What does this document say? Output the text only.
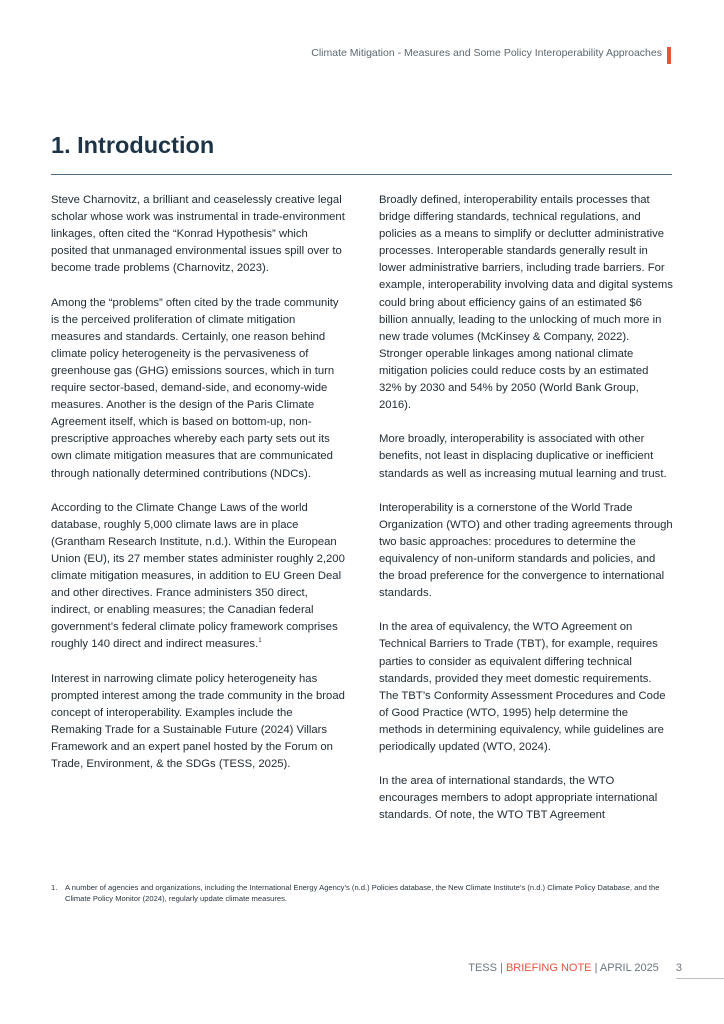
Climate Mitigation - Measures and Some Policy Interoperability Approaches
1. Introduction

Steve Charnovitz, a brilliant and ceaselessly creative legal scholar whose work was instrumental in trade-environment linkages, often cited the “Konrad Hypothesis” which posited that unmanaged environmental issues spill over to become trade problems (Charnovitz, 2023).

Among the “problems” often cited by the trade community is the perceived proliferation of climate mitigation measures and standards. Certainly, one reason behind climate policy heterogeneity is the pervasiveness of greenhouse gas (GHG) emissions sources, which in turn require sector-based, demand-side, and economy-wide measures. Another is the design of the Paris Climate Agreement itself, which is based on bottom-up, non-prescriptive approaches whereby each party sets out its own climate mitigation measures that are communicated through nationally determined contributions (NDCs).

According to the Climate Change Laws of the world database, roughly 5,000 climate laws are in place (Grantham Research Institute, n.d.). Within the European Union (EU), its 27 member states administer roughly 2,200 climate mitigation measures, in addition to EU Green Deal and other directives. France administers 350 direct, indirect, or enabling measures; the Canadian federal government’s federal climate policy framework comprises roughly 140 direct and indirect measures.$^1$

Interest in narrowing climate policy heterogeneity has prompted interest among the trade community in the broad concept of interoperability. Examples include the Remaking Trade for a Sustainable Future (2024) Villars Framework and an expert panel hosted by the Forum on Trade, Environment, & the SDGs (TESS, 2025).

Broadly defined, interoperability entails processes that bridge differing standards, technical regulations, and policies as a means to simplify or declutter administrative processes. Interoperable standards generally result in lower administrative barriers, including trade barriers. For example, interoperability involving data and digital systems could bring about efficiency gains of an estimated $6 billion annually, leading to the unlocking of much more in new trade volumes (McKinsey & Company, 2022). Stronger operable linkages among national climate mitigation policies could reduce costs by an estimated 32% by 2030 and 54% by 2050 (World Bank Group, 2016).

More broadly, interoperability is associated with other benefits, not least in displacing duplicative or inefficient standards as well as increasing mutual learning and trust.

Interoperability is a cornerstone of the World Trade Organization (WTO) and other trading agreements through two basic approaches: procedures to determine the equivalency of non-uniform standards and policies, and the broad preference for the convergence to international standards.

In the area of equivalency, the WTO Agreement on Technical Barriers to Trade (TBT), for example, requires parties to consider as equivalent differing technical standards, provided they meet domestic requirements. The TBT’s Conformity Assessment Procedures and Code of Good Practice (WTO, 1995) help determine the methods in determining equivalency, while guidelines are periodically updated (WTO, 2024).

In the area of international standards, the WTO encourages members to adopt appropriate international standards. Of note, the WTO TBT Agreement

1.	A number of agencies and organizations, including the International Energy Agency’s (n.d.) Policies database, the New Climate Institute’s (n.d.) Climate Policy Database, and the Climate Policy Monitor (2024), regularly update climate measures.
TESS | BRIEFING NOTE | APRIL 2025 3
